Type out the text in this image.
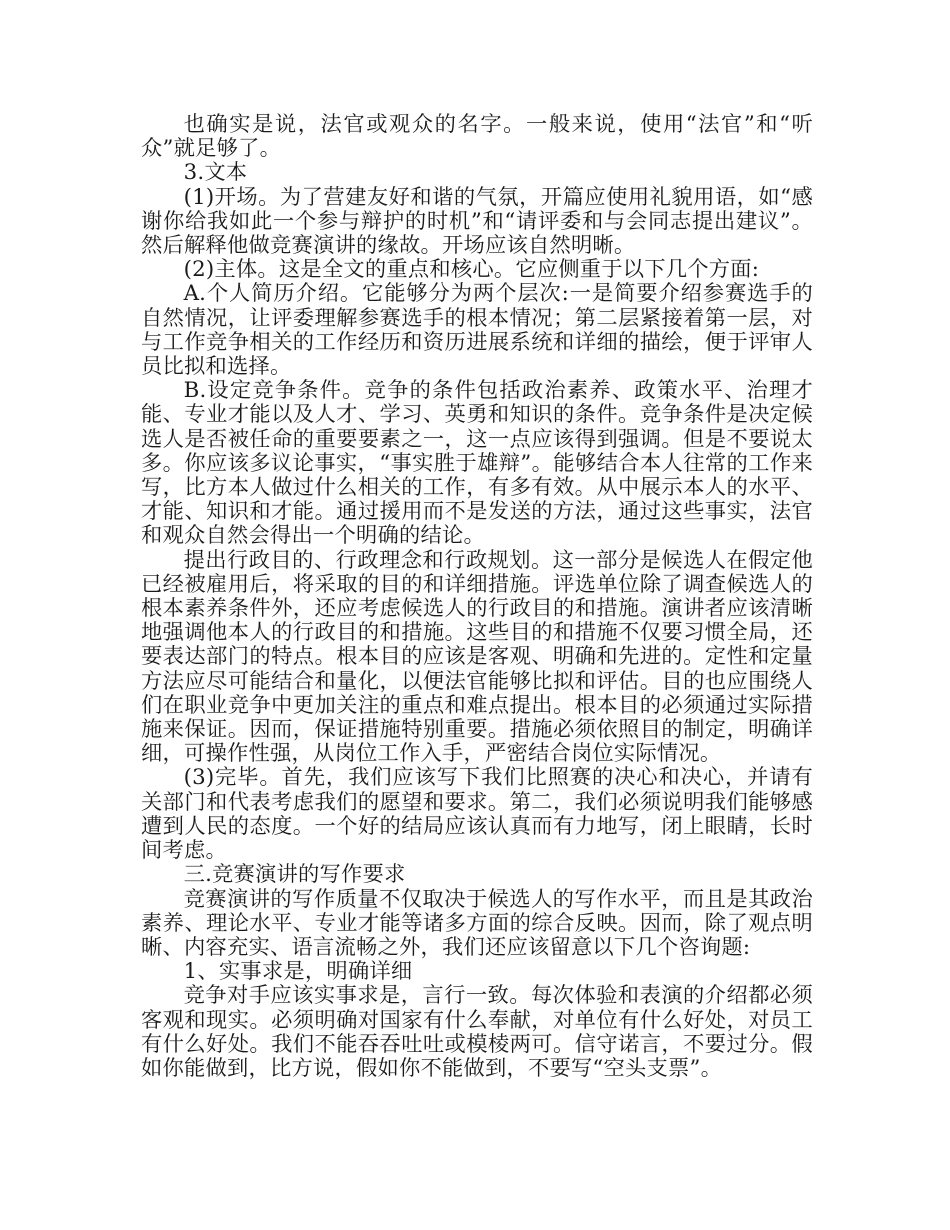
也确实是说，法官或观众的名字。一般来说，使用“法官”和“听众”就足够了。

3.文本

(1)开场。为了营建友好和谐的气氛，开篇应使用礼貌用语，如“感谢你给我如此一个参与辩护的时机”和“请评委和与会同志提出建议”。然后解释他做竞赛演讲的缘故。开场应该自然明晰。

(2)主体。这是全文的重点和核心。它应侧重于以下几个方面:

A.个人简历介绍。它能够分为两个层次:一是简要介绍参赛选手的自然情况，让评委理解参赛选手的根本情况；第二层紧接着第一层，对与工作竞争相关的工作经历和资历进展系统和详细的描绘，便于评审人员比拟和选择。

B.设定竞争条件。竞争的条件包括政治素养、政策水平、治理才能、专业才能以及人才、学习、英勇和知识的条件。竞争条件是决定候选人是否被任命的重要要素之一，这一点应该得到强调。但是不要说太多。你应该多议论事实，“事实胜于雄辩”。能够结合本人往常的工作来写，比方本人做过什么相关的工作，有多有效。从中展示本人的水平、才能、知识和才能。通过援用而不是发送的方法，通过这些事实，法官和观众自然会得出一个明确的结论。

提出行政目的、行政理念和行政规划。这一部分是候选人在假定他已经被雇用后，将采取的目的和详细措施。评选单位除了调查候选人的根本素养条件外，还应考虑候选人的行政目的和措施。演讲者应该清晰地强调他本人的行政目的和措施。这些目的和措施不仅要习惯全局，还要表达部门的特点。根本目的应该是客观、明确和先进的。定性和定量方法应尽可能结合和量化，以便法官能够比拟和评估。目的也应围绕人们在职业竞争中更加关注的重点和难点提出。根本目的必须通过实际措施来保证。因而，保证措施特别重要。措施必须依照目的制定，明确详细，可操作性强，从岗位工作入手，严密结合岗位实际情况。

(3)完毕。首先，我们应该写下我们比照赛的决心和决心，并请有关部门和代表考虑我们的愿望和要求。第二，我们必须说明我们能够感遭到人民的态度。一个好的结局应该认真而有力地写，闭上眼睛，长时间考虑。

三.竞赛演讲的写作要求

竞赛演讲的写作质量不仅取决于候选人的写作水平，而且是其政治素养、理论水平、专业才能等诸多方面的综合反映。因而，除了观点明晰、内容充实、语言流畅之外，我们还应该留意以下几个咨询题:

1、实事求是，明确详细

竞争对手应该实事求是，言行一致。每次体验和表演的介绍都必须客观和现实。必须明确对国家有什么奉献，对单位有什么好处，对员工有什么好处。我们不能吞吞吐吐或模棱两可。信守诺言，不要过分。假如你能做到，比方说，假如你不能做到，不要写“空头支票”。
